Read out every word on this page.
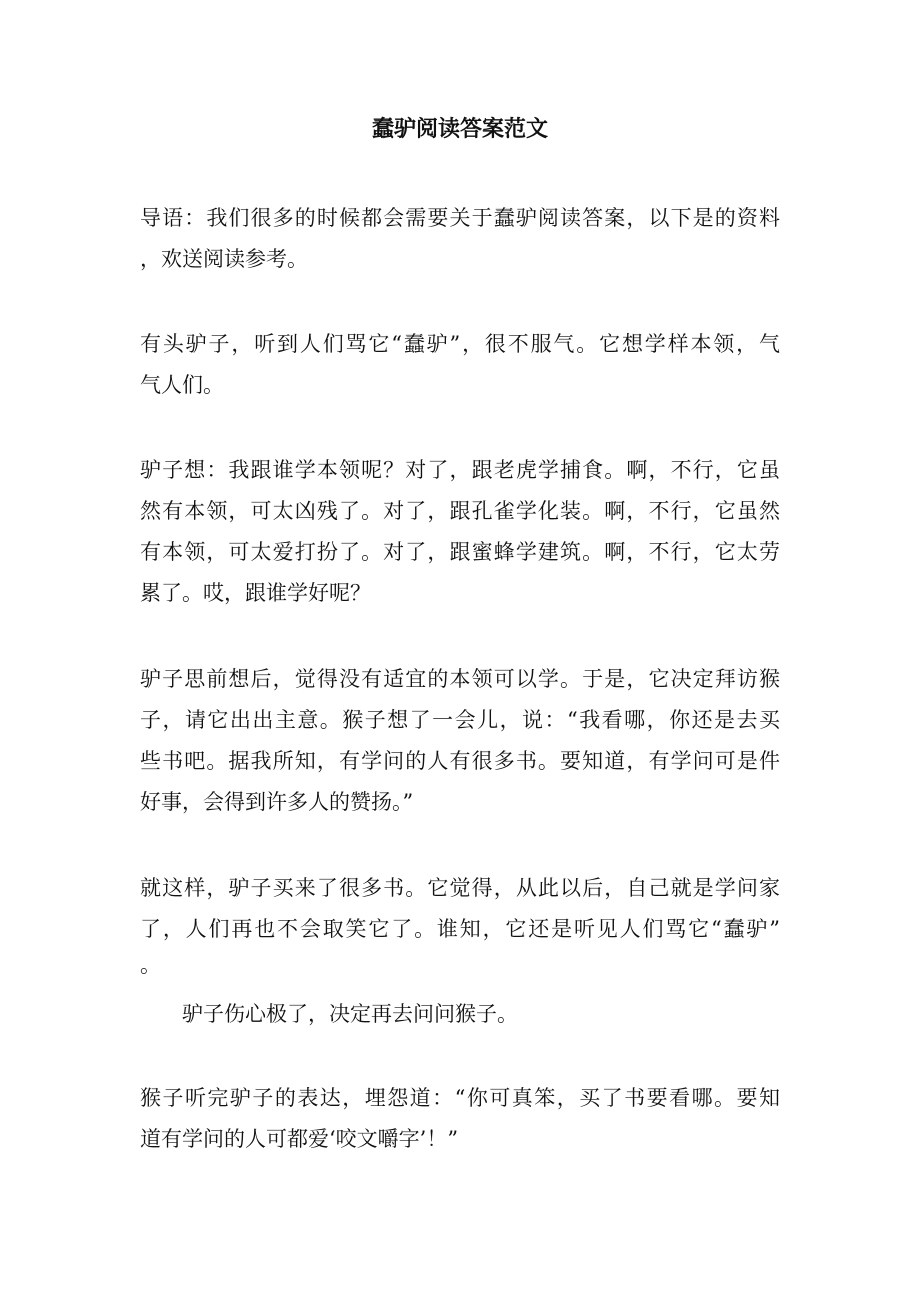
蠢驴阅读答案范文

导语：我们很多的时候都会需要关于蠢驴阅读答案，以下是的资料

，欢送阅读参考。

有头驴子，听到人们骂它“蠢驴”，很不服气。它想学样本领，气

气人们。

驴子想：我跟谁学本领呢？对了，跟老虎学捕食。啊，不行，它虽

然有本领，可太凶残了。对了，跟孔雀学化装。啊，不行，它虽然

有本领，可太爱打扮了。对了，跟蜜蜂学建筑。啊，不行，它太劳

累了。哎，跟谁学好呢？

驴子思前想后，觉得没有适宜的本领可以学。于是，它决定拜访猴

子，请它出出主意。猴子想了一会儿，说：“我看哪，你还是去买

些书吧。据我所知，有学问的人有很多书。要知道，有学问可是件

好事，会得到许多人的赞扬。”

就这样，驴子买来了很多书。它觉得，从此以后，自己就是学问家

了，人们再也不会取笑它了。谁知，它还是听见人们骂它“蠢驴”

。

　　驴子伤心极了，决定再去问问猴子。

猴子听完驴子的表达，埋怨道：“你可真笨，买了书要看哪。要知

道有学问的人可都爱‘咬文嚼字’！”
